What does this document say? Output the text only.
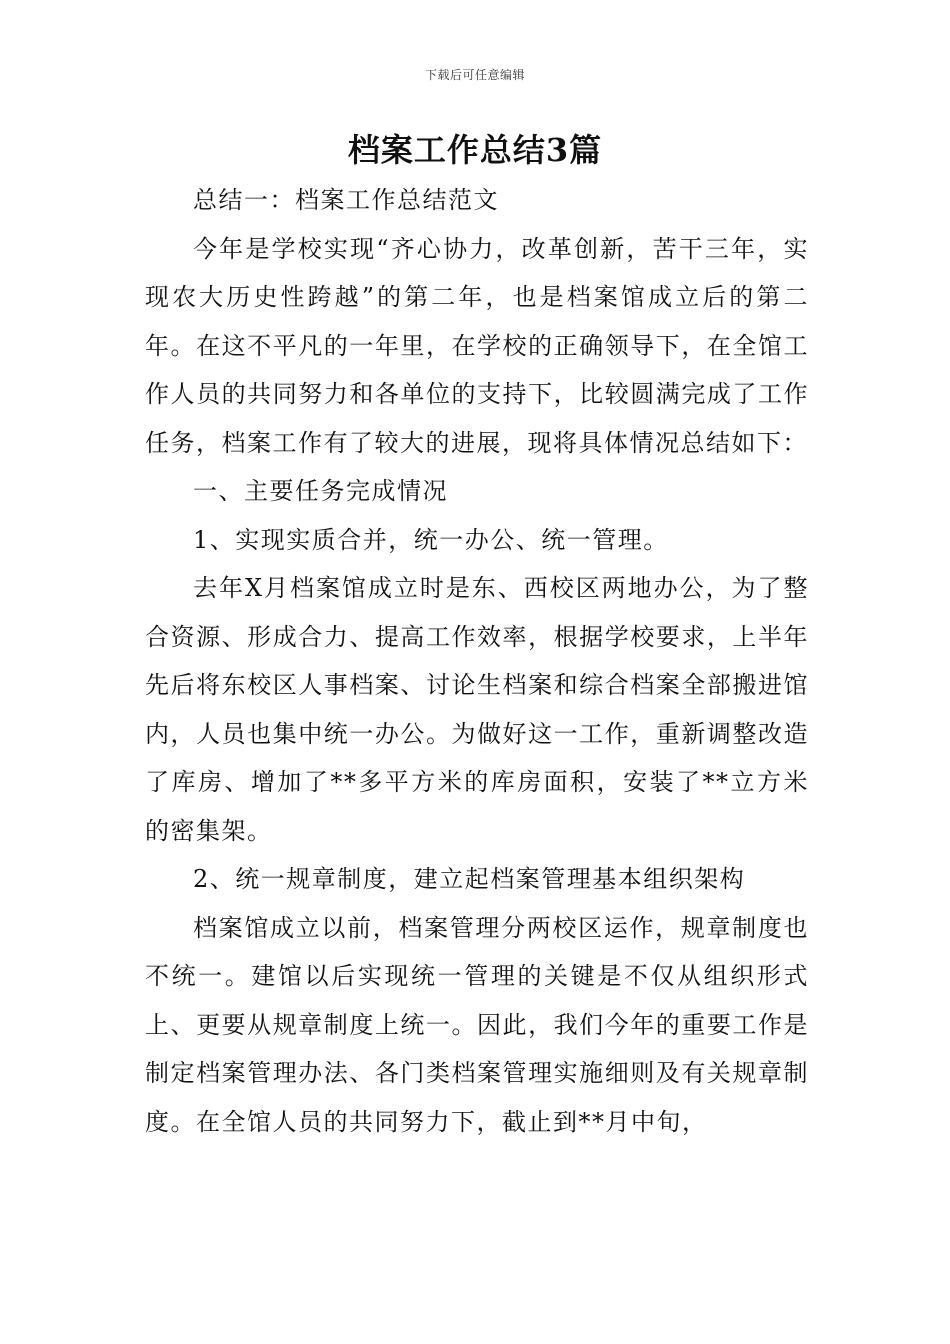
下载后可任意编辑
档案工作总结3篇

总结一：档案工作总结范文

今年是学校实现“齐心协力，改革创新，苦干三年，实现农大历史性跨越”的第二年，也是档案馆成立后的第二年。在这不平凡的一年里，在学校的正确领导下，在全馆工作人员的共同努力和各单位的支持下，比较圆满完成了工作任务，档案工作有了较大的进展，现将具体情况总结如下：

一、主要任务完成情况

1、实现实质合并，统一办公、统一管理。

去年X月档案馆成立时是东、西校区两地办公，为了整合资源、形成合力、提高工作效率，根据学校要求，上半年先后将东校区人事档案、讨论生档案和综合档案全部搬进馆内，人员也集中统一办公。为做好这一工作，重新调整改造了库房、增加了**多平方米的库房面积，安装了**立方米的密集架。

2、统一规章制度，建立起档案管理基本组织架构

档案馆成立以前，档案管理分两校区运作，规章制度也不统一。建馆以后实现统一管理的关键是不仅从组织形式上、更要从规章制度上统一。因此，我们今年的重要工作是制定档案管理办法、各门类档案管理实施细则及有关规章制度。在全馆人员的共同努力下，截止到**月中旬，
